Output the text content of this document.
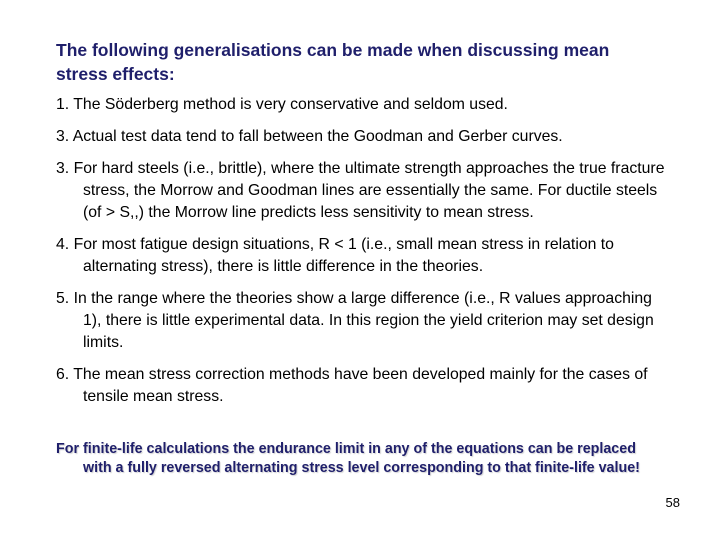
The following generalisations can be made when discussing mean stress effects:

1. The Söderberg method is very conservative and seldom used.

3. Actual test data tend to fall between the Goodman and Gerber curves.

3. For hard steels (i.e., brittle), where the ultimate strength approaches the true fracture stress, the Morrow and Goodman lines are essentially the same. For ductile steels (of > S,,) the Morrow line predicts less sensitivity to mean stress.

4. For most fatigue design situations, R < 1 (i.e., small mean stress in relation to alternating stress), there is little difference in the theories.

5. In the range where the theories show a large difference (i.e., R values approaching 1), there is little experimental data. In this region the yield criterion may set design limits.

6. The mean stress correction methods have been developed mainly for the cases of tensile mean stress.

For finite-life calculations the endurance limit in any of the equations can be replaced with a fully reversed alternating stress level corresponding to that finite-life value!
58
